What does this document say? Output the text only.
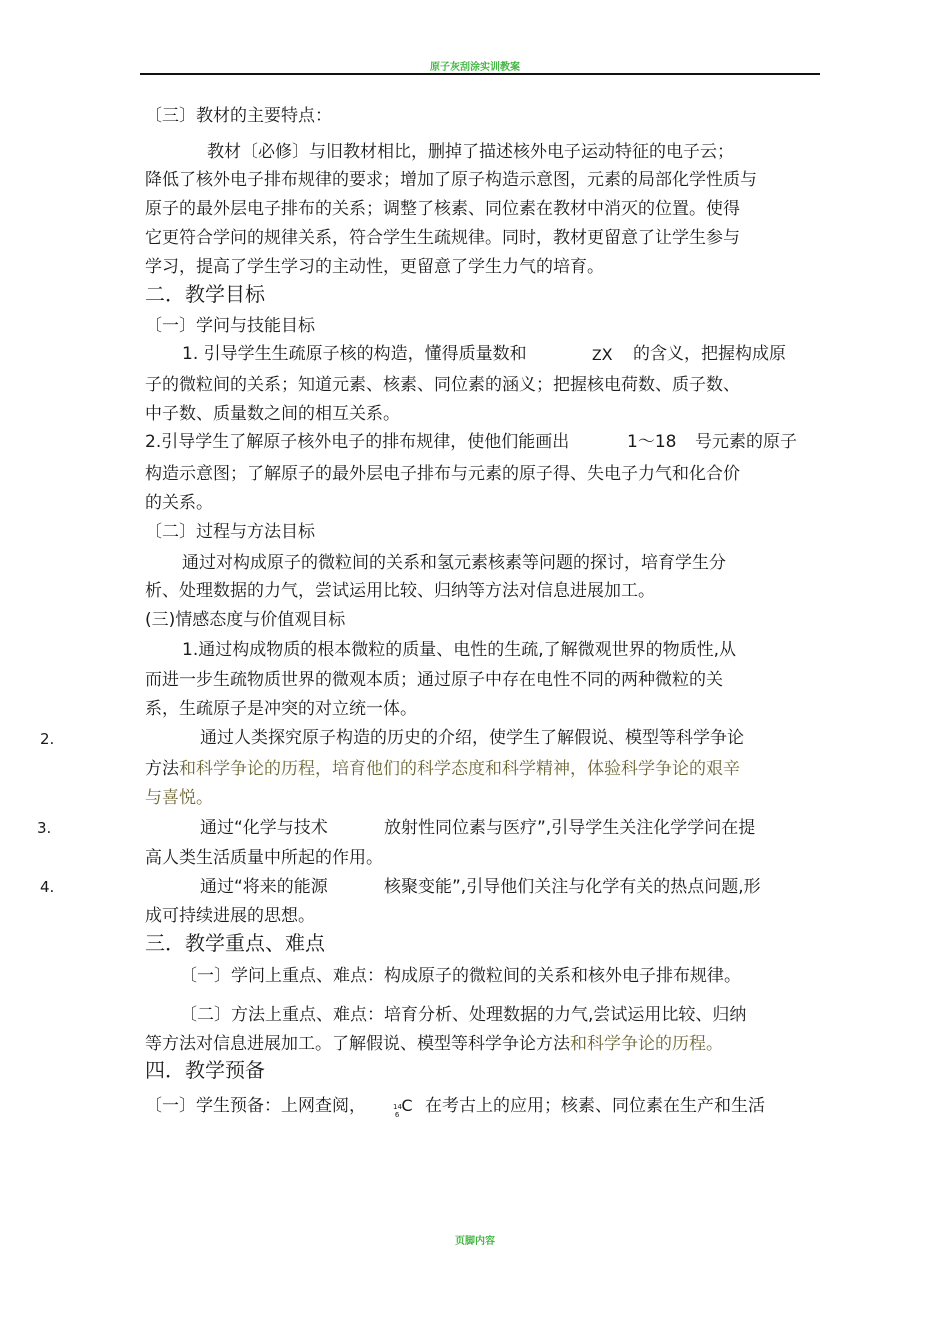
原子灰刮涂实训教案
〔三〕教材的主要特点：
教材〔必修〕与旧教材相比，删掉了描述核外电子运动特征的电子云；
降低了核外电子排布规律的要求；增加了原子构造示意图，元素的局部化学性质与
原子的最外层电子排布的关系；调整了核素、同位素在教材中消灭的位置。使得
它更符合学问的规律关系，符合学生生疏规律。同时，教材更留意了让学生参与
学习，提高了学生学习的主动性，更留意了学生力气的培育。
二．教学目标
〔一〕学问与技能目标
1. 引导学生生疏原子核的构造，懂得质量数和	ZX 的含义，把握构成原
子的微粒间的关系；知道元素、核素、同位素的涵义；把握核电荷数、质子数、
中子数、质量数之间的相互关系。
2.引导学生了解原子核外电子的排布规律，使他们能画出	1～18 号元素的原子
构造示意图；了解原子的最外层电子排布与元素的原子得、失电子力气和化合价
的关系。
〔二〕过程与方法目标
通过对构成原子的微粒间的关系和氢元素核素等问题的探讨，培育学生分
析、处理数据的力气，尝试运用比较、归纳等方法对信息进展加工。
(三)情感态度与价值观目标
1.通过构成物质的根本微粒的质量、电性的生疏,了解微观世界的物质性,从
而进一步生疏物质世界的微观本质；通过原子中存在电性不同的两种微粒的关
系，生疏原子是冲突的对立统一体。
2.	通过人类探究原子构造的历史的介绍，使学生了解假说、模型等科学争论
方法和科学争论的历程，培育他们的科学态度和科学精神，体验科学争论的艰辛
与喜悦。
3.	通过“化学与技术	放射性同位素与医疗”,引导学生关注化学学问在提
高人类生活质量中所起的作用。
4.	通过“将来的能源	核聚变能”,引导他们关注与化学有关的热点问题,形
成可持续进展的思想。
三．教学重点、难点
〔一〕学问上重点、难点：构成原子的微粒间的关系和核外电子排布规律。
〔二〕方法上重点、难点：培育分析、处理数据的力气,尝试运用比较、归纳
等方法对信息进展加工。了解假说、模型等科学争论方法和科学争论的历程。
四．教学预备
〔一〕学生预备：上网查阅，	$14_6$ C 在考古上的应用；核素、同位素在生产和生活
页脚内容
